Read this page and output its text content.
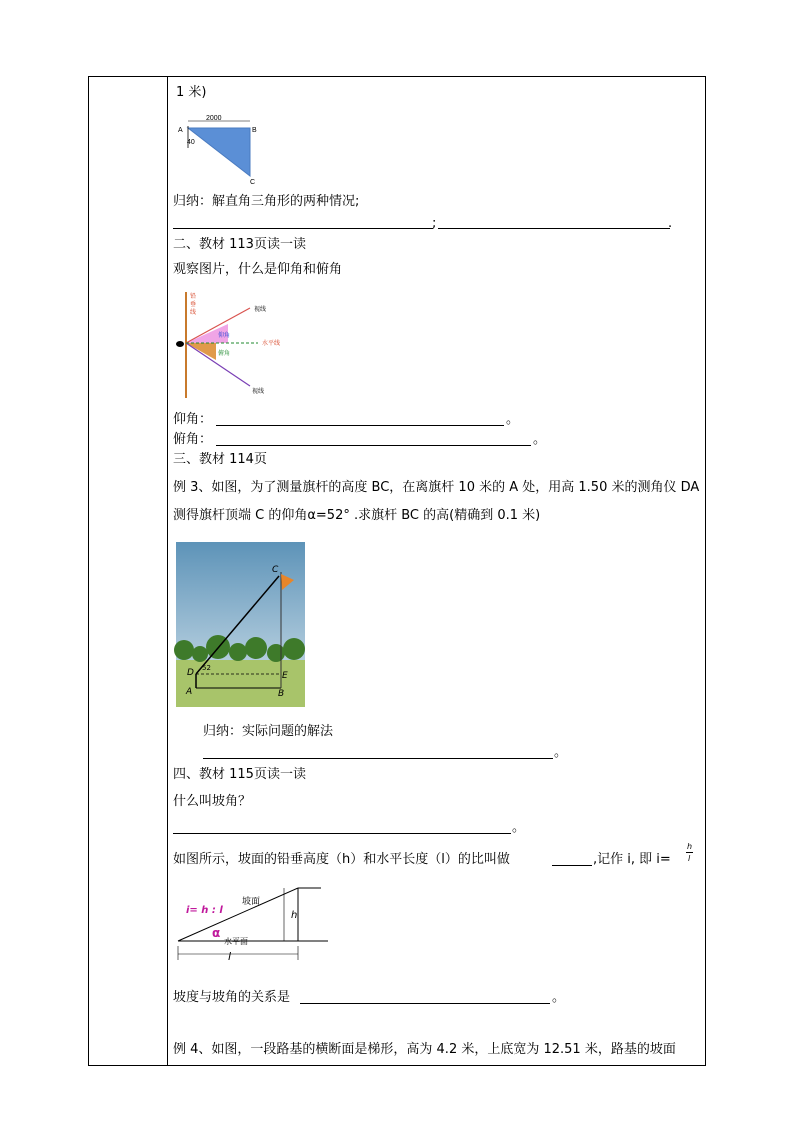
1 米)
2000
A	B
C
40
归纳：解直角三角形的两种情况;
;	.
二、教材 113页读一读
观察图片，什么是仰角和俯角
铅
垂
线	视线
仰角
水平线
俯角
视线
仰角：	。
俯角：	。
三、教材 114页
例 3、如图，为了测量旗杆的高度 BC，在离旗杆 10 米的 A 处，用高 1.50 米的测角仪 DA
测得旗杆顶端 C 的仰角α=52° .求旗杆 BC 的高(精确到 0.1 米)
C
D	E
A	B
52
归纳：实际问题的解法
。
四、教材 115页读一读
什么叫坡角？
。
如图所示，坡面的铅垂高度（h）和水平长度（l）的比叫做	,记作 i, 即 i=
h
l
i= h : l
坡面
h
α
水平面
l
坡度与坡角的关系是	。
例 4、如图，一段路基的横断面是梯形，高为 4.2 米，上底宽为 12.51 米，路基的坡面
